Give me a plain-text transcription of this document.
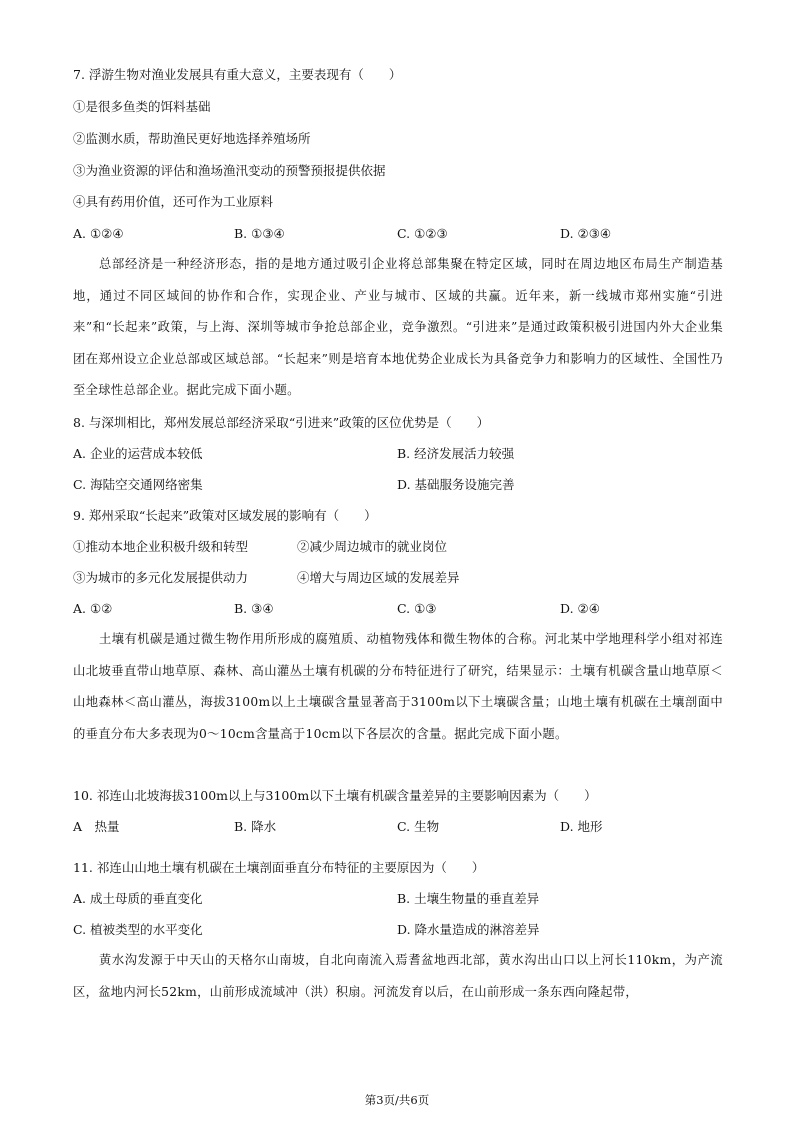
7. 浮游生物对渔业发展具有重大意义，主要表现有（　　）
①是很多鱼类的饵料基础
②监测水质，帮助渔民更好地选择养殖场所
③为渔业资源的评估和渔场渔汛变动的预警预报提供依据
④具有药用价值，还可作为工业原料
A. ①②④	B. ①③④	C. ①②③	D. ②③④
总部经济是一种经济形态，指的是地方通过吸引企业将总部集聚在特定区域，同时在周边地区布局生产制造基地，通过不同区域间的协作和合作，实现企业、产业与城市、区域的共赢。近年来，新一线城市郑州实施“引进来”和“长起来”政策，与上海、深圳等城市争抢总部企业，竞争激烈。“引进来”是通过政策积极引进国内外大企业集团在郑州设立企业总部或区域总部。“长起来”则是培育本地优势企业成长为具备竞争力和影响力的区域性、全国性乃至全球性总部企业。据此完成下面小题。
8. 与深圳相比，郑州发展总部经济采取“引进来”政策的区位优势是（　　）
A. 企业的运营成本较低	B. 经济发展活力较强
C. 海陆空交通网络密集	D. 基础服务设施完善
9. 郑州采取“长起来”政策对区域发展的影响有（　　）
①推动本地企业积极升级和转型	②减少周边城市的就业岗位
③为城市的多元化发展提供动力	④增大与周边区域的发展差异
A. ①②	B. ③④	C. ①③	D. ②④
土壤有机碳是通过微生物作用所形成的腐殖质、动植物残体和微生物体的合称。河北某中学地理科学小组对祁连山北坡垂直带山地草原、森林、高山灌丛土壤有机碳的分布特征进行了研究，结果显示：土壤有机碳含量山地草原＜山地森林＜高山灌丛，海拔3100m以上土壤碳含量显著高于3100m以下土壤碳含量；山地土壤有机碳在土壤剖面中的垂直分布大多表现为0～10cm含量高于10cm以下各层次的含量。据此完成下面小题。
10. 祁连山北坡海拔3100m以上与3100m以下土壤有机碳含量差异的主要影响因素为（　　）
A　热量	B. 降水	C. 生物	D. 地形
11. 祁连山山地土壤有机碳在土壤剖面垂直分布特征的主要原因为（　　）
A. 成土母质的垂直变化	B. 土壤生物量的垂直差异
C. 植被类型的水平变化	D. 降水量造成的淋溶差异
黄水沟发源于中天山的天格尔山南坡，自北向南流入焉耆盆地西北部，黄水沟出山口以上河长110km，为产流区，盆地内河长52km，山前形成流域冲（洪）积扇。河流发育以后，在山前形成一条东西向隆起带，
第3页/共6页
